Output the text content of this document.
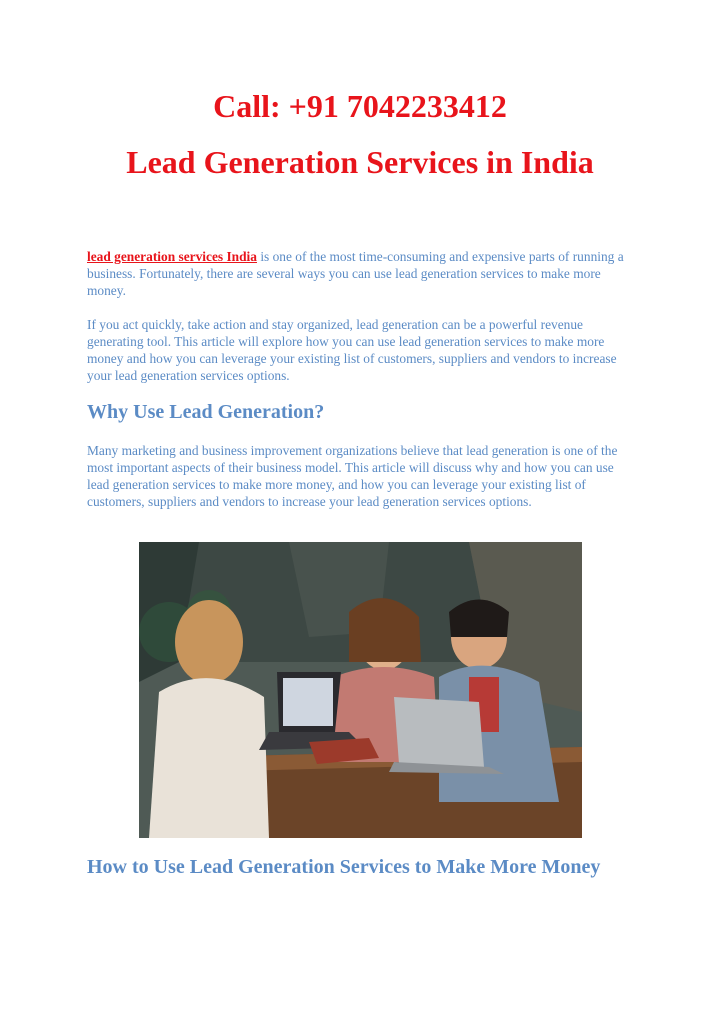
Call: +91 7042233412
Lead Generation Services in India

lead generation services India is one of the most time-consuming and expensive parts of running a business. Fortunately, there are several ways you can use lead generation services to make more money.

If you act quickly, take action and stay organized, lead generation can be a powerful revenue generating tool. This article will explore how you can use lead generation services to make more money and how you can leverage your existing list of customers, suppliers and vendors to increase your lead generation services options.

Why Use Lead Generation?

Many marketing and business improvement organizations believe that lead generation is one of the most important aspects of their business model. This article will discuss why and how you can use lead generation services to make more money, and how you can leverage your existing list of customers, suppliers and vendors to increase your lead generation services options.

How to Use Lead Generation Services to Make More Money
